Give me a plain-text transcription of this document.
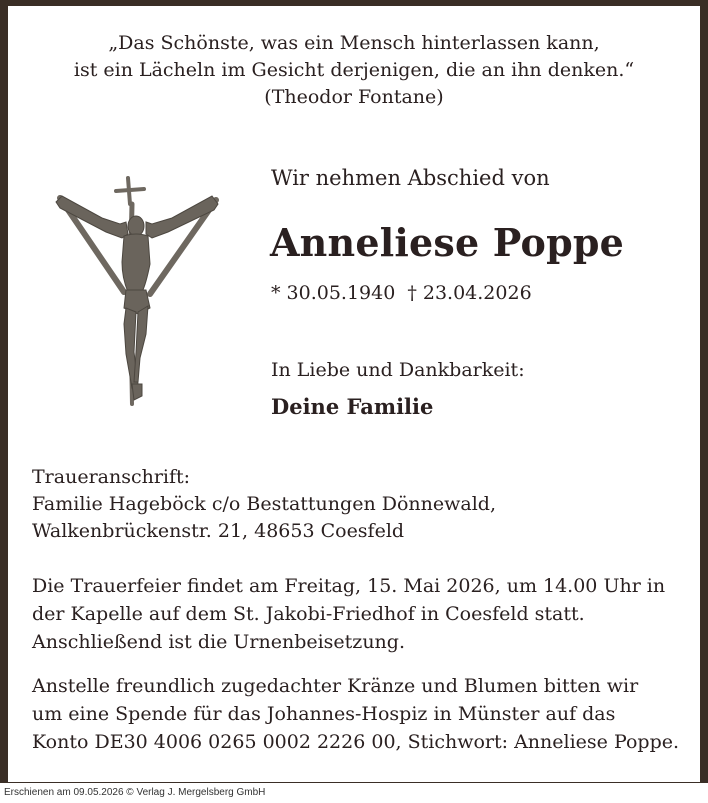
„Das Schönste, was ein Mensch hinterlassen kann,
ist ein Lächeln im Gesicht derjenigen, die an ihn denken.“
(Theodor Fontane)
Wir nehmen Abschied von
Anneliese Poppe
* 30.05.1940 † 23.04.2026
In Liebe und Dankbarkeit:
Deine Familie
Traueranschrift:
Familie Hageböck c/o Bestattungen Dönnewald,
Walkenbrückenstr. 21, 48653 Coesfeld
Die Trauerfeier findet am Freitag, 15. Mai 2026, um 14.00 Uhr in
der Kapelle auf dem St. Jakobi-Friedhof in Coesfeld statt.
Anschließend ist die Urnenbeisetzung.
Anstelle freundlich zugedachter Kränze und Blumen bitten wir
um eine Spende für das Johannes-Hospiz in Münster auf das
Konto DE30 4006 0265 0002 2226 00, Stichwort: Anneliese Poppe.
Erschienen am 09.05.2026 © Verlag J. Mergelsberg GmbH
